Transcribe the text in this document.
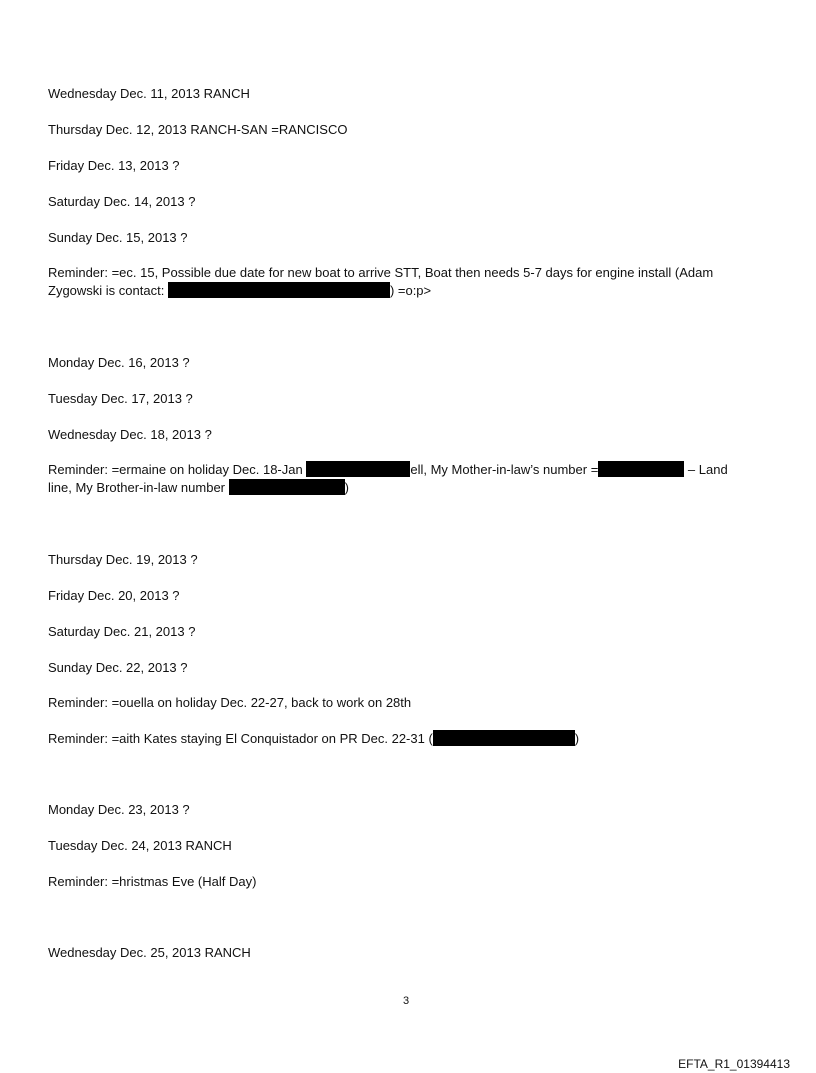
Wednesday Dec. 11, 2013 RANCH
Thursday Dec. 12, 2013 RANCH-SAN =RANCISCO
Friday Dec. 13, 2013 ?
Saturday Dec. 14, 2013 ?
Sunday Dec. 15, 2013 ?
Reminder: =ec. 15, Possible due date for new boat to arrive STT, Boat then needs 5-7 days for engine install (Adam
Zygowski is contact:	) =o:p>
Monday Dec. 16, 2013 ?
Tuesday Dec. 17, 2013 ?
Wednesday Dec. 18, 2013 ?
Reminder: =ermaine on holiday Dec. 18-Jan	ell, My Mother-in-law’s number =	– Land
line, My Brother-in-law number	)
Thursday Dec. 19, 2013 ?
Friday Dec. 20, 2013 ?
Saturday Dec. 21, 2013 ?
Sunday Dec. 22, 2013 ?
Reminder: =ouella on holiday Dec. 22-27, back to work on 28th
Reminder: =aith Kates staying El Conquistador on PR Dec. 22-31 (	)
Monday Dec. 23, 2013 ?
Tuesday Dec. 24, 2013 RANCH
Reminder: =hristmas Eve (Half Day)
Wednesday Dec. 25, 2013 RANCH
3
EFTA_R1_01394413
